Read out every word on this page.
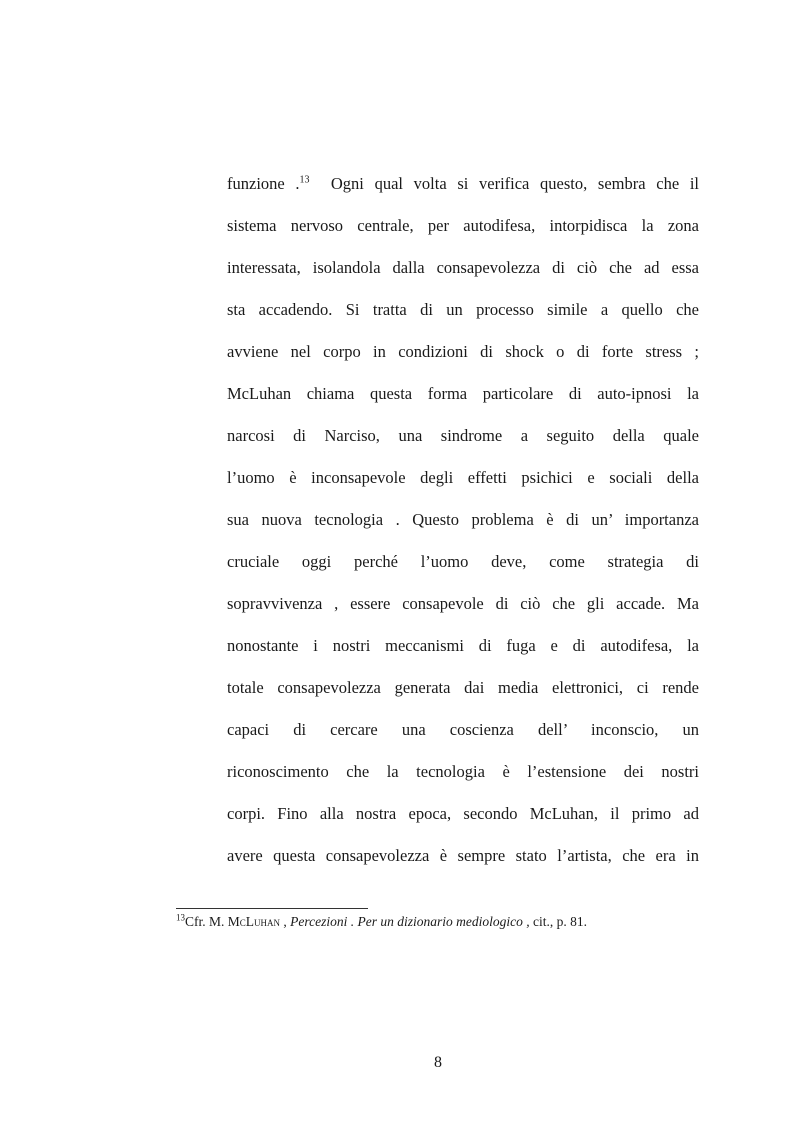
funzione .$^{13}$ Ogni qual volta si verifica questo, sembra che il
sistema nervoso centrale, per autodifesa, intorpidisca la zona
interessata, isolandola dalla consapevolezza di ciò che ad essa
sta accadendo. Si tratta di un processo simile a quello che
avviene nel corpo in condizioni di shock o di forte stress ;
McLuhan chiama questa forma particolare di auto-ipnosi la
narcosi di Narciso, una sindrome a seguito della quale
l’uomo è inconsapevole degli effetti psichici e sociali della
sua nuova tecnologia . Questo problema è di un’ importanza
cruciale oggi perché l’uomo deve, come strategia di
sopravvivenza , essere consapevole di ciò che gli accade. Ma
nonostante i nostri meccanismi di fuga e di autodifesa, la
totale consapevolezza generata dai media elettronici, ci rende
capaci di cercare una coscienza dell’ inconscio, un
riconoscimento che la tecnologia è l’estensione dei nostri
corpi. Fino alla nostra epoca, secondo McLuhan, il primo ad
avere questa consapevolezza è sempre stato l’artista, che era in
$^{13}$Cfr. M. McLuhan , Percezioni . Per un dizionario mediologico , cit., p. 81.
8
